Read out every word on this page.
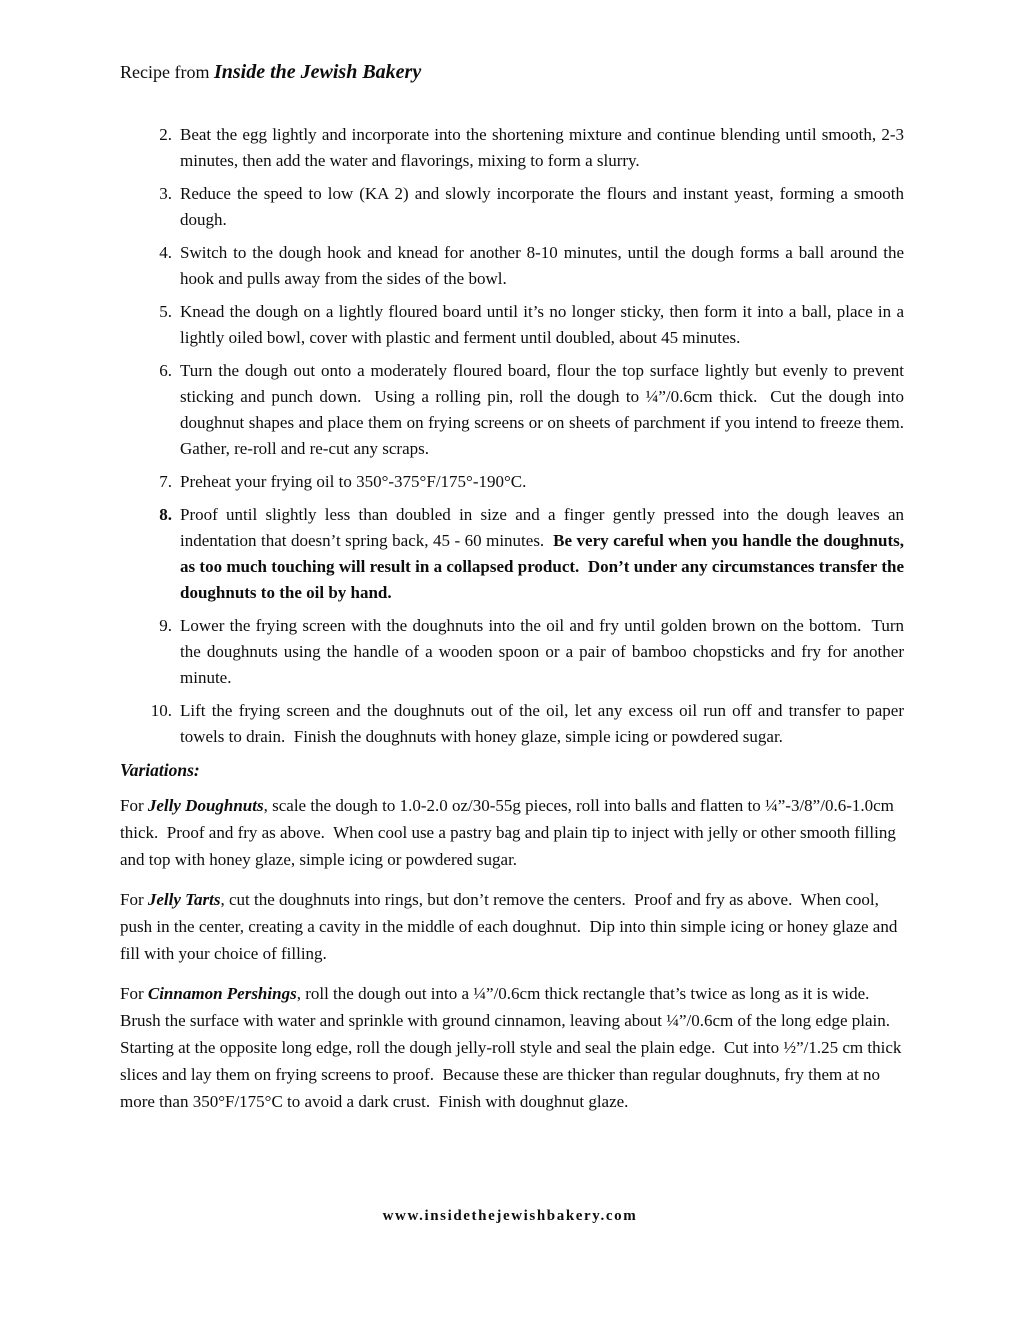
Recipe from Inside the Jewish Bakery
2. Beat the egg lightly and incorporate into the shortening mixture and continue blending until smooth, 2-3 minutes, then add the water and flavorings, mixing to form a slurry.

3. Reduce the speed to low (KA 2) and slowly incorporate the flours and instant yeast, forming a smooth dough.

4. Switch to the dough hook and knead for another 8-10 minutes, until the dough forms a ball around the hook and pulls away from the sides of the bowl.

5. Knead the dough on a lightly floured board until it’s no longer sticky, then form it into a ball, place in a lightly oiled bowl, cover with plastic and ferment until doubled, about 45 minutes.

6. Turn the dough out onto a moderately floured board, flour the top surface lightly but evenly to prevent sticking and punch down.  Using a rolling pin, roll the dough to ¼”/0.6cm thick.  Cut the dough into doughnut shapes and place them on frying screens or on sheets of parchment if you intend to freeze them.  Gather, re-roll and re-cut any scraps.

7. Preheat your frying oil to 350°-375°F/175°-190°C.

8. Proof until slightly less than doubled in size and a finger gently pressed into the dough leaves an indentation that doesn’t spring back, 45 - 60 minutes.  Be very careful when you handle the doughnuts, as too much touching will result in a collapsed product.  Don’t under any circumstances transfer the doughnuts to the oil by hand.

9. Lower the frying screen with the doughnuts into the oil and fry until golden brown on the bottom.  Turn the doughnuts using the handle of a wooden spoon or a pair of bamboo chopsticks and fry for another minute.

10. Lift the frying screen and the doughnuts out of the oil, let any excess oil run off and transfer to paper towels to drain.  Finish the doughnuts with honey glaze, simple icing or powdered sugar.

Variations:

For Jelly Doughnuts, scale the dough to 1.0-2.0 oz/30-55g pieces, roll into balls and flatten to ¼”-3/8”/0.6-1.0cm thick.  Proof and fry as above.  When cool use a pastry bag and plain tip to inject with jelly or other smooth filling and top with honey glaze, simple icing or powdered sugar.

For Jelly Tarts, cut the doughnuts into rings, but don’t remove the centers.  Proof and fry as above.  When cool, push in the center, creating a cavity in the middle of each doughnut.  Dip into thin simple icing or honey glaze and fill with your choice of filling.

For Cinnamon Pershings, roll the dough out into a ¼”/0.6cm thick rectangle that’s twice as long as it is wide.  Brush the surface with water and sprinkle with ground cinnamon, leaving about ¼”/0.6cm of the long edge plain.  Starting at the opposite long edge, roll the dough jelly-roll style and seal the plain edge.  Cut into ½”/1.25 cm thick slices and lay them on frying screens to proof.  Because these are thicker than regular doughnuts, fry them at no more than 350°F/175°C to avoid a dark crust.  Finish with doughnut glaze.

www.insidethejewishbakery.com
